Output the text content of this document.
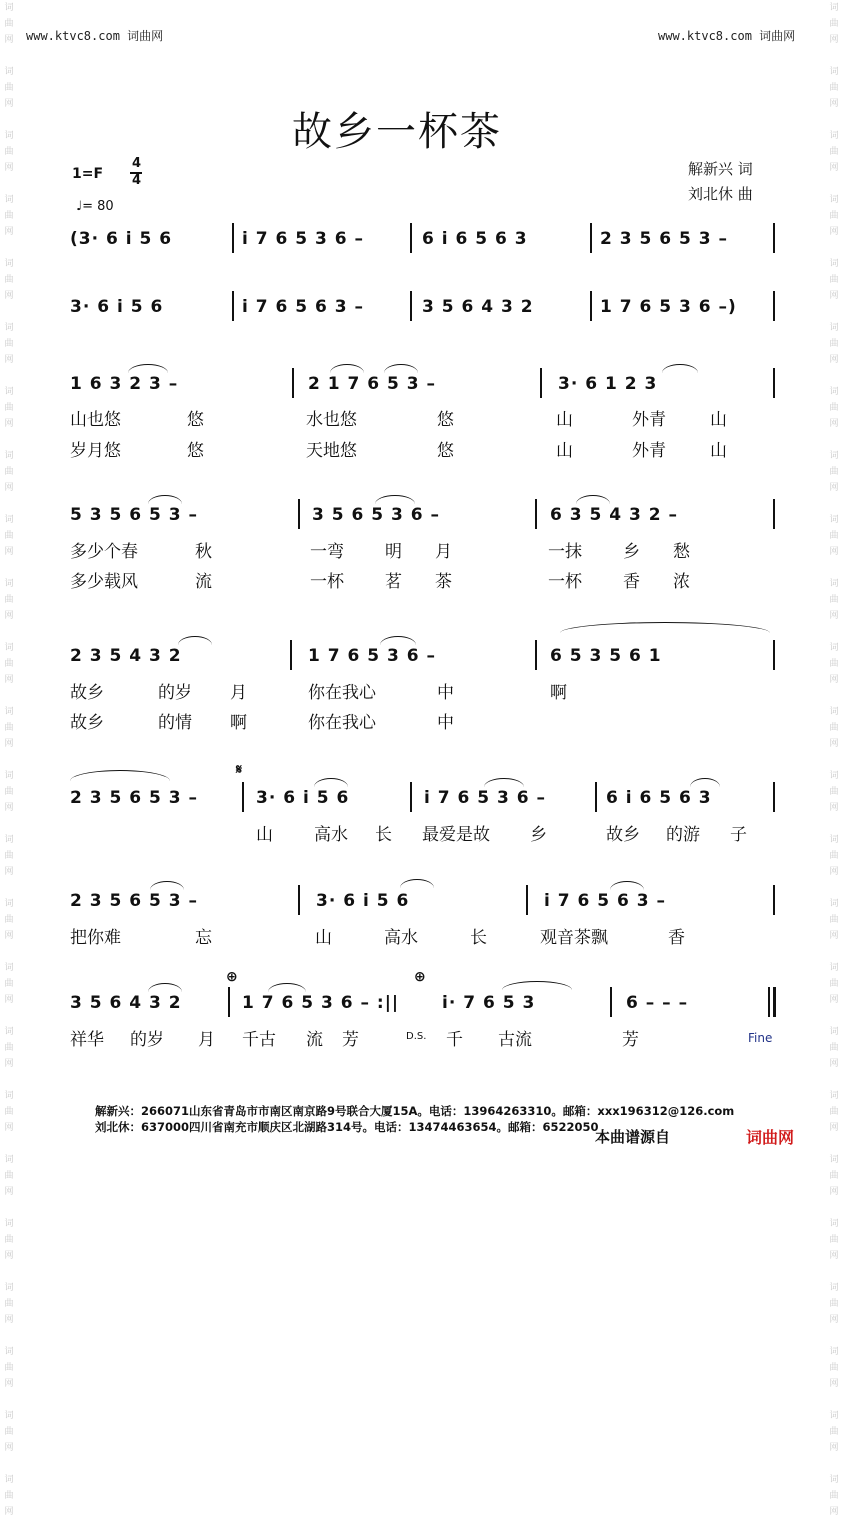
词
曲
网

词
曲
网

词
曲
网

词
曲
网

词
曲
网

词
曲
网

词
曲
网

词
曲
网

词
曲
网

词
曲
网

词
曲
网

词
曲
网

词
曲
网

词
曲
网

词
曲
网

词
曲
网

词
曲
网

词
曲
网

词
曲
网

词
曲
网

词
曲
网

词
曲
网

词
曲
网

词
曲
网

词
曲
网

词
曲
网

词
曲
网

词
曲
网

词
曲
网

词
曲
网

词
曲
网

词
曲
网

词
曲
网

词
曲
网

词
曲
网

词
曲
网

词
曲
网

词
曲
网

词
曲
网

词
曲
网

词
曲
网

词
曲
网

词
曲
网

词
曲
网

词
曲
网

词
曲
网

词
曲
网

词
曲
网

www.ktvc8.com 词曲网	www.ktvc8.com 词曲网
故乡一杯茶
解新兴 词
刘北休 曲
1=F
4
4
♩= 80
(3· 6 i 5 6	i 7 6 5 3 6 –	6 i 6 5 6 3	2 3 5 6 5 3 –
3· 6 i 5 6	i 7 6 5 6 3 –	3 5 6 4 3 2	1 7 6 5 3 6 –)
1 6 3 2 3 –	2 1 7 6 5 3 –	3· 6 1 2 3
山也悠	悠	水也悠	悠	山	外青	山
岁月悠	悠	天地悠	悠	山	外青	山
5 3 5 6 5 3 –	3 5 6 5 3 6 –	6 3 5 4 3 2 –
多少个春	秋	一弯 明 月	一抹 乡 愁
多少载风	流	一杯 茗 茶	一杯 香 浓
2 3 5 4 3 2	1 7 6 5 3 6 –	6 5 3 5 6 1
故乡	的岁 月	你在我心	中	啊
故乡	的情 啊	你在我心	中
2 3 5 6 5 3 –
𝄋
3· 6 i 5 6	i 7 6 5 3 6 –	6 i 6 5 6 3
山 高水 长 最爱是故 乡	故乡 的游 子
2 3 5 6 5 3 –	3· 6 i 5 6	i 7 6 5 6 3 –
把你难	忘	山	高水	长	观音茶飘	香
3 5 6 4 3 2
⊕
1 7 6 5 3 6 – :||
⊕
i· 7 6 5 3	6 – – –
祥华 的岁 月 千古 流 芳	D.S. 千 古流	芳	Fine
解新兴：266071山东省青岛市市南区南京路9号联合大厦15A。电话：13964263310。邮箱：xxx196312@126.com
刘北休：637000四川省南充市顺庆区北湖路314号。电话：13474463654。邮箱：6522050
本曲谱源自	词曲网
